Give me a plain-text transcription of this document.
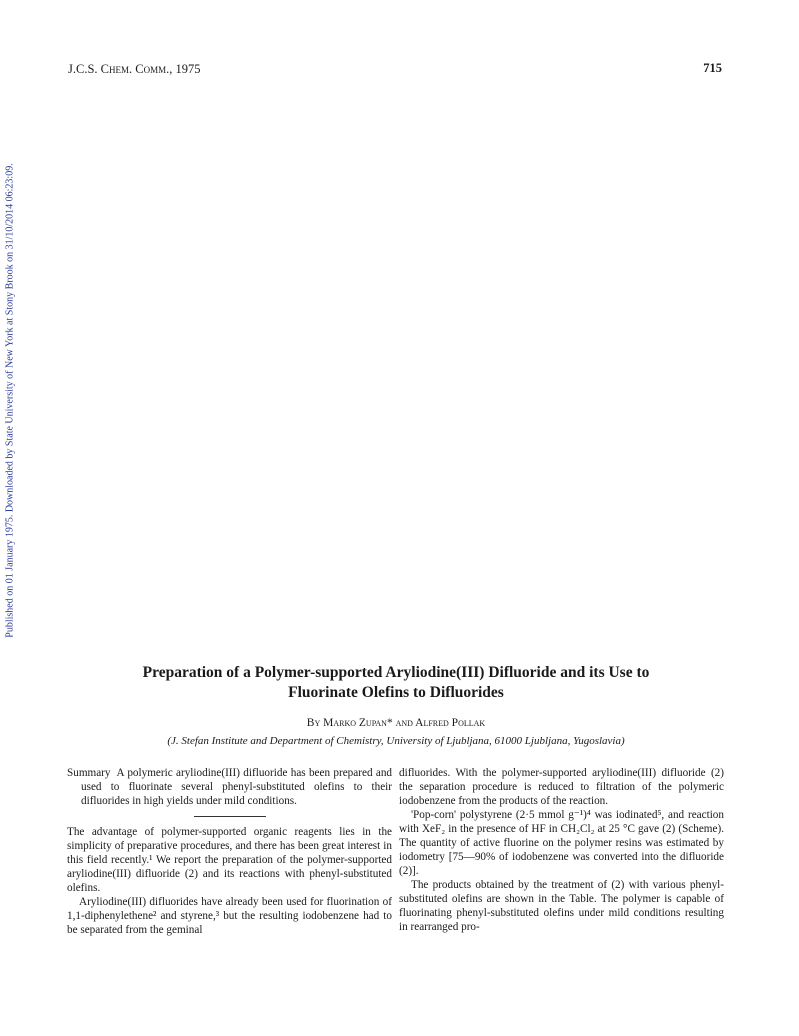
Published on 01 January 1975. Downloaded by State University of New York at Stony Brook on 31/10/2014 06:23:09.
J.C.S. Chem. Comm., 1975	715
Preparation of a Polymer-supported Aryliodine(III) Difluoride and its Use to
Fluorinate Olefins to Difluorides
By Marko Zupan* and Alfred Pollak
(J. Stefan Institute and Department of Chemistry, University of Ljubljana, 61000 Ljubljana, Yugoslavia)

Summary A polymeric aryliodine(III) difluoride has been prepared and used to fluorinate several phenyl-substituted olefins to their difluorides in high yields under mild conditions.

The advantage of polymer-supported organic reagents lies in the simplicity of preparative procedures, and there has been great interest in this field recently.¹ We report the preparation of the polymer-supported aryliodine(III) difluoride (2) and its reactions with phenyl-substituted olefins.

Aryliodine(III) difluorides have already been used for fluorination of 1,1-diphenylethene² and styrene,³ but the resulting iodobenzene had to be separated from the geminal

difluorides. With the polymer-supported aryliodine(III) difluoride (2) the separation procedure is reduced to filtration of the polymeric iodobenzene from the products of the reaction.

'Pop-corn' polystyrene (2·5 mmol g⁻¹)⁴ was iodinated⁵, and reaction with XeF₂ in the presence of HF in CH₂Cl₂ at 25 °C gave (2) (Scheme). The quantity of active fluorine on the polymer resins was estimated by iodometry [75—90% of iodobenzene was converted into the difluoride (2)].

The products obtained by the treatment of (2) with various phenyl-substituted olefins are shown in the Table. The polymer is capable of fluorinating phenyl-substituted olefins under mild conditions resulting in rearranged pro-
